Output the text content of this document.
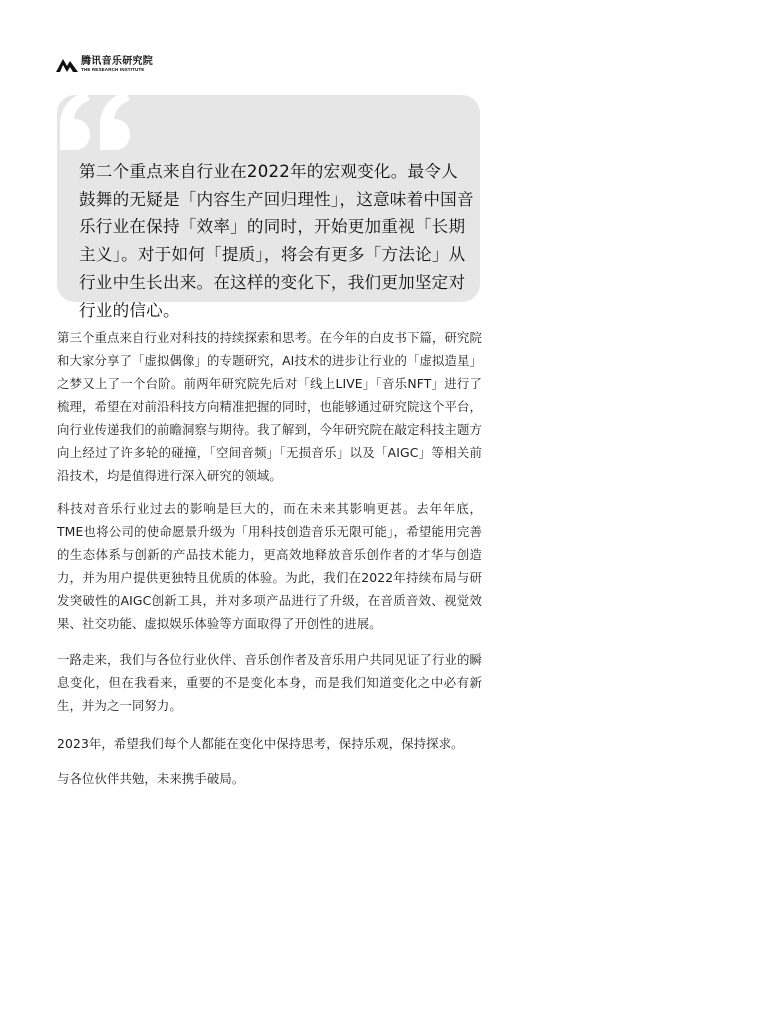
腾讯音乐研究院
THE RESEARCH INSTITUTE

第二个重点来自行业在2022年的宏观变化。最令人鼓舞的无疑是「内容生产回归理性」，这意味着中国音乐行业在保持「效率」的同时，开始更加重视「长期主义」。对于如何「提质」，将会有更多「方法论」从行业中生长出来。在这样的变化下，我们更加坚定对行业的信心。

第三个重点来自行业对科技的持续探索和思考。在今年的白皮书下篇，研究院和大家分享了「虚拟偶像」的专题研究，AI技术的进步让行业的「虚拟造星」之梦又上了一个台阶。前两年研究院先后对「线上LIVE」「音乐NFT」进行了梳理，希望在对前沿科技方向精准把握的同时，也能够通过研究院这个平台，向行业传递我们的前瞻洞察与期待。我了解到，今年研究院在敲定科技主题方向上经过了许多轮的碰撞，「空间音频」「无损音乐」以及「AIGC」等相关前沿技术，均是值得进行深入研究的领域。

科技对音乐行业过去的影响是巨大的，而在未来其影响更甚。去年年底，TME也将公司的使命愿景升级为「用科技创造音乐无限可能」，希望能用完善的生态体系与创新的产品技术能力，更高效地释放音乐创作者的才华与创造力，并为用户提供更独特且优质的体验。为此，我们在2022年持续布局与研发突破性的AIGC创新工具，并对多项产品进行了升级，在音质音效、视觉效果、社交功能、虚拟娱乐体验等方面取得了开创性的进展。

一路走来，我们与各位行业伙伴、音乐创作者及音乐用户共同见证了行业的瞬息变化，但在我看来，重要的不是变化本身，而是我们知道变化之中必有新生，并为之一同努力。

2023年，希望我们每个人都能在变化中保持思考，保持乐观，保持探求。

与各位伙伴共勉，未来携手破局。
